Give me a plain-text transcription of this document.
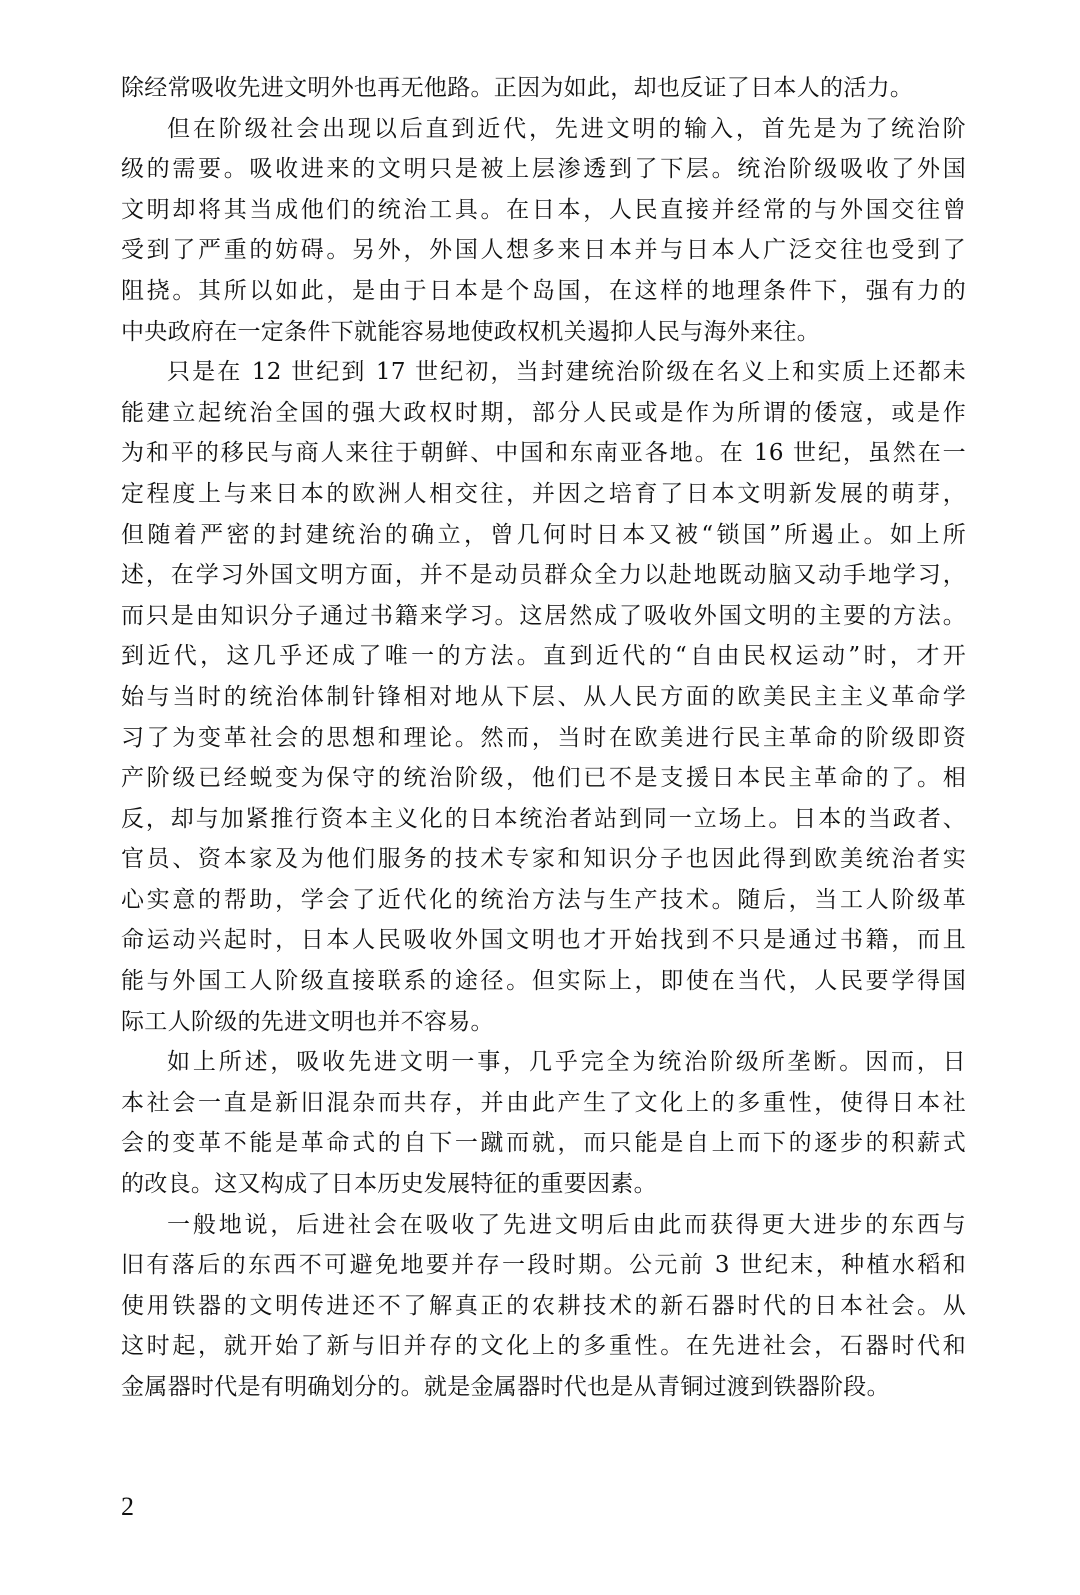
除经常吸收先进文明外也再无他路。正因为如此，却也反证了日本人的活力。
但在阶级社会出现以后直到近代，先进文明的输入，首先是为了统治阶
级的需要。吸收进来的文明只是被上层渗透到了下层。统治阶级吸收了外国
文明却将其当成他们的统治工具。在日本，人民直接并经常的与外国交往曾
受到了严重的妨碍。另外，外国人想多来日本并与日本人广泛交往也受到了
阻挠。其所以如此，是由于日本是个岛国，在这样的地理条件下，强有力的
中央政府在一定条件下就能容易地使政权机关遏抑人民与海外来往。
只是在 12 世纪到 17 世纪初，当封建统治阶级在名义上和实质上还都未
能建立起统治全国的强大政权时期，部分人民或是作为所谓的倭寇，或是作
为和平的移民与商人来往于朝鲜、中国和东南亚各地。在 16 世纪，虽然在一
定程度上与来日本的欧洲人相交往，并因之培育了日本文明新发展的萌芽，
但随着严密的封建统治的确立，曾几何时日本又被“锁国”所遏止。如上所
述，在学习外国文明方面，并不是动员群众全力以赴地既动脑又动手地学习，
而只是由知识分子通过书籍来学习。这居然成了吸收外国文明的主要的方法。
到近代，这几乎还成了唯一的方法。直到近代的“自由民权运动”时，才开
始与当时的统治体制针锋相对地从下层、从人民方面的欧美民主主义革命学
习了为变革社会的思想和理论。然而，当时在欧美进行民主革命的阶级即资
产阶级已经蜕变为保守的统治阶级，他们已不是支援日本民主革命的了。相
反，却与加紧推行资本主义化的日本统治者站到同一立场上。日本的当政者、
官员、资本家及为他们服务的技术专家和知识分子也因此得到欧美统治者实
心实意的帮助，学会了近代化的统治方法与生产技术。随后，当工人阶级革
命运动兴起时，日本人民吸收外国文明也才开始找到不只是通过书籍，而且
能与外国工人阶级直接联系的途径。但实际上，即使在当代，人民要学得国
际工人阶级的先进文明也并不容易。
如上所述，吸收先进文明一事，几乎完全为统治阶级所垄断。因而，日
本社会一直是新旧混杂而共存，并由此产生了文化上的多重性，使得日本社
会的变革不能是革命式的自下一蹴而就，而只能是自上而下的逐步的积薪式
的改良。这又构成了日本历史发展特征的重要因素。
一般地说，后进社会在吸收了先进文明后由此而获得更大进步的东西与
旧有落后的东西不可避免地要并存一段时期。公元前 3 世纪末，种植水稻和
使用铁器的文明传进还不了解真正的农耕技术的新石器时代的日本社会。从
这时起，就开始了新与旧并存的文化上的多重性。在先进社会，石器时代和
金属器时代是有明确划分的。就是金属器时代也是从青铜过渡到铁器阶段。
2
